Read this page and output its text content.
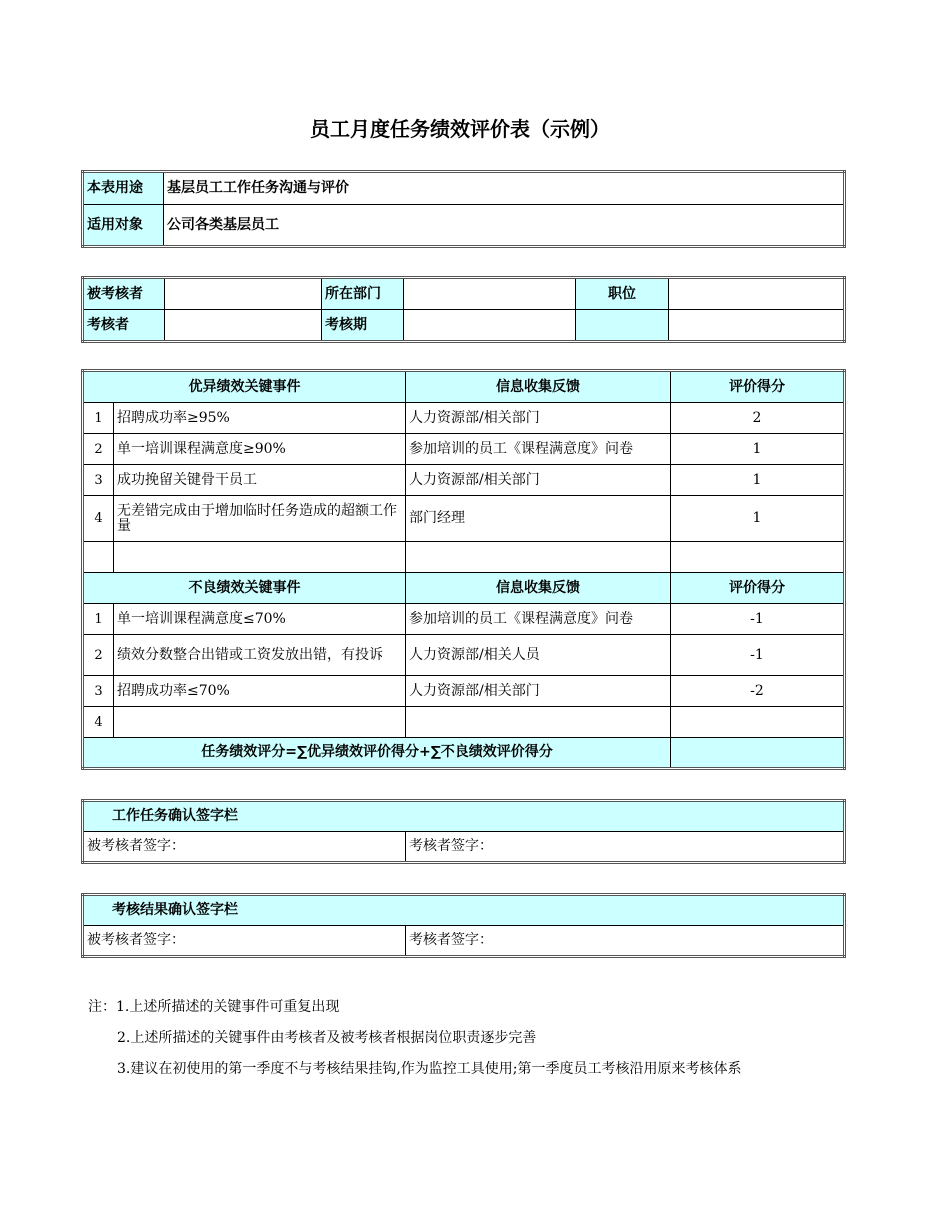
员工月度任务绩效评价表（示例）
本表用途	基层员工工作任务沟通与评价
适用对象	公司各类基层员工
被考核者		所在部门		职位	
考核者		考核期			
优异绩效关键事件		信息收集反馈	评价得分
1	招聘成功率≥95%	人力资源部/相关部门	2
2	单一培训课程满意度≥90%	参加培训的员工《课程满意度》问卷	1
3	成功挽留关键骨干员工	人力资源部/相关部门	1
4	无差错完成由于增加临时任务造成的超额工作量	部门经理	1

不良绩效关键事件		信息收集反馈	评价得分
1	单一培训课程满意度≤70%	参加培训的员工《课程满意度》问卷	-1
2	绩效分数整合出错或工资发放出错，有投诉	人力资源部/相关人员	-1
3	招聘成功率≤70%	人力资源部/相关部门	-2
4			
任务绩效评分=∑优异绩效评价得分+∑不良绩效评价得分			
工作任务确认签字栏
被考核者签字：	考核者签字：
考核结果确认签字栏
被考核者签字：	考核者签字：
注：1.上述所描述的关键事件可重复出现
2.上述所描述的关键事件由考核者及被考核者根据岗位职责逐步完善
3.建议在初使用的第一季度不与考核结果挂钩,作为监控工具使用;第一季度员工考核沿用原来考核体系
